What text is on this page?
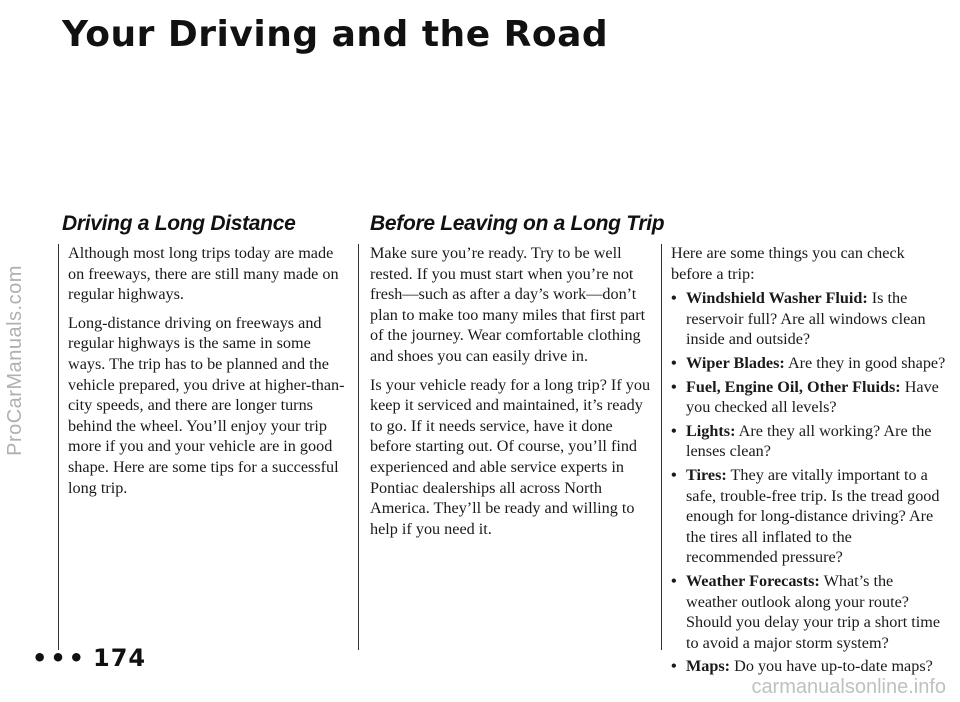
ProCarManuals.com
Your Driving and the Road
Driving a Long Distance	Before Leaving on a Long Trip

Although most long trips today are made on freeways, there are still many made on regular highways.

Long-distance driving on freeways and regular highways is the same in some ways. The trip has to be planned and the vehicle prepared, you drive at higher-than-city speeds, and there are longer turns behind the wheel. You’ll enjoy your trip more if you and your vehicle are in good shape. Here are some tips for a successful long trip.

Make sure you’re ready. Try to be well rested. If you must start when you’re not fresh—such as after a day’s work—don’t plan to make too many miles that first part of the journey. Wear comfortable clothing and shoes you can easily drive in.

Is your vehicle ready for a long trip? If you keep it serviced and maintained, it’s ready to go. If it needs service, have it done before starting out. Of course, you’ll find experienced and able service experts in Pontiac dealerships all across North America. They’ll be ready and willing to help if you need it.

Here are some things you can check before a trip:

• Windshield Washer Fluid: Is the reservoir full? Are all windows clean inside and outside?
• Wiper Blades: Are they in good shape?
• Fuel, Engine Oil, Other Fluids: Have you checked all levels?
• Lights: Are they all working? Are the lenses clean?
• Tires: They are vitally important to a safe, trouble-free trip. Is the tread good enough for long-distance driving? Are the tires all inflated to the recommended pressure?
• Weather Forecasts: What’s the weather outlook along your route? Should you delay your trip a short time to avoid a major storm system?
• Maps: Do you have up-to-date maps?
••• 174
carmanualsonline.info
